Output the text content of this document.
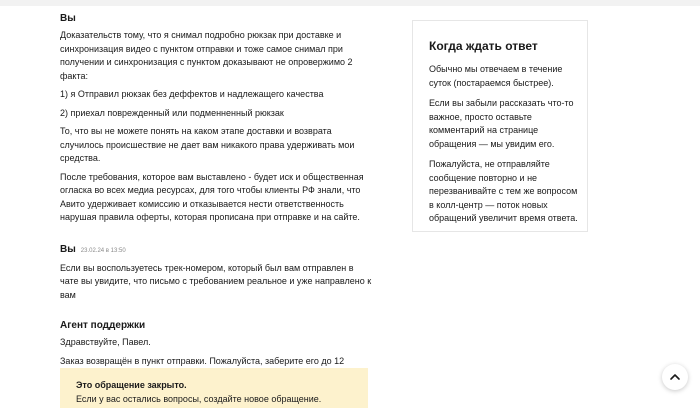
Вы

Доказательств тому, что я снимал подробно рюкзак при доставке и синхронизация видео с пунктом отправки и тоже самое снимал при получении и синхронизация с пунктом доказывают не опровержимо 2 факта:

1) я Отправил рюкзак без деффектов и надлежащего качества

2) приехал поврежденный или подменненный рюкзак

То, что вы не можете понять на каком этапе доставки и возврата случилось происшествие не дает вам никакого права удерживать мои средства.

После требования, которое вам выставлено - будет иск и общественная огласка во всех медиа ресурсах, для того чтобы клиенты РФ знали, что Авито удерживает комиссию и отказывается нести ответственность нарушая правила оферты, которая прописана при отправке и на сайте.

Вы 23.02.24 в 13:50

Если вы воспользуетесь трек-номером, который был вам отправлен в чате вы увидите, что письмо с требованием реальное и уже направлено к вам

Агент поддержки

Здравствуйте, Павел.

Заказ возвращён в пункт отправки. Пожалуйста, заберите его до 12

Это обращение закрыто.
Если у вас остались вопросы, создайте новое обращение.
Когда ждать ответ

Обычно мы отвечаем в течение суток (постараемся быстрее).

Если вы забыли рассказать что-то важное, просто оставьте комментарий на странице обращения — мы увидим его.

Пожалуйста, не отправляйте сообщение повторно и не перезванивайте с тем же вопросом в колл-центр — поток новых обращений увеличит время ответа.
